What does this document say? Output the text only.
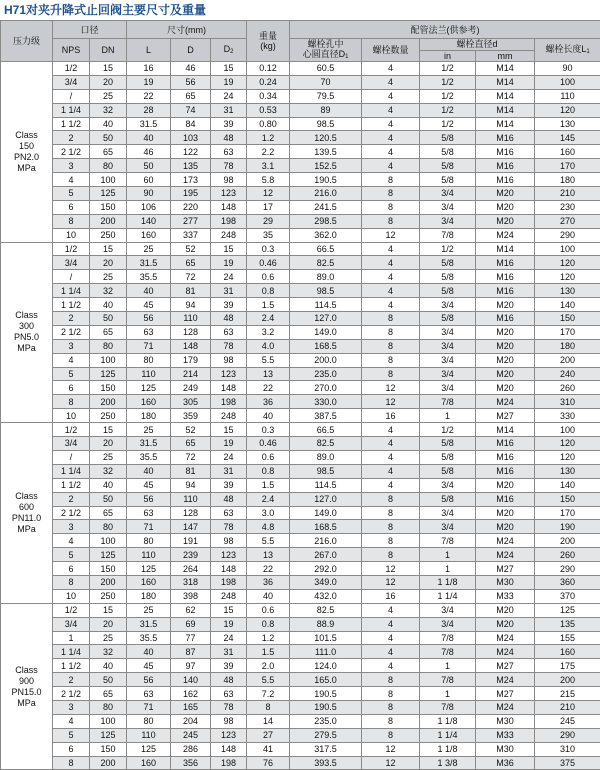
H71对夹升降式止回阀主要尺寸及重量
压力级	口径		尺寸(mm)			重量
(kg)	配管法兰(供参考)				
	NPS	DN	L	D	$D_2$		螺栓孔中
心圆直径$D_1$	螺栓数量	螺栓直径d		螺栓长度$L_1$
									in	mm	

Class
150
PN2.0
MPa	1/2	15	16	46	15	0.12	60.5	4	1/2	M14	90
	3/4	20	19	56	19	0.24	70	4	1/2	M14	100
	/	25	22	65	24	0.34	79.5	4	1/2	M14	110
	1 1/4	32	28	74	31	0.53	89	4	1/2	M14	120
	1 1/2	40	31.5	84	39	0.80	98.5	4	1/2	M14	130
	2	50	40	103	48	1.2	120.5	4	5/8	M16	145
	2 1/2	65	46	122	63	2.2	139.5	4	5/8	M16	160
	3	80	50	135	78	3.1	152.5	4	5/8	M16	170
	4	100	60	173	98	5.8	190.5	8	5/8	M16	180
	5	125	90	195	123	12	216.0	8	3/4	M20	210
	6	150	106	220	148	17	241.5	8	3/4	M20	230
	8	200	140	277	198	29	298.5	8	3/4	M20	270
	10	250	160	337	248	35	362.0	12	7/8	M24	290

Class
300
PN5.0
MPa	1/2	15	25	52	15	0.3	66.5	4	1/2	M14	100
	3/4	20	31.5	65	19	0.46	82.5	4	5/8	M16	120
	/	25	35.5	72	24	0.6	89.0	4	5/8	M16	120
	1 1/4	32	40	81	31	0.8	98.5	4	5/8	M16	130
	1 1/2	40	45	94	39	1.5	114.5	4	3/4	M20	140
	2	50	56	110	48	2.4	127.0	8	5/8	M16	150
	2 1/2	65	63	128	63	3.2	149.0	8	3/4	M20	170
	3	80	71	148	78	4.0	168.5	8	3/4	M20	180
	4	100	80	179	98	5.5	200.0	8	3/4	M20	200
	5	125	110	214	123	13	235.0	8	3/4	M20	240
	6	150	125	249	148	22	270.0	12	3/4	M20	260
	8	200	160	305	198	36	330.0	12	7/8	M24	310
	10	250	180	359	248	40	387.5	16	1	M27	330

Class
600
PN11.0
MPa	1/2	15	25	52	15	0.3	66.5	4	1/2	M14	100
	3/4	20	31.5	65	19	0.46	82.5	4	5/8	M16	120
	/	25	35.5	72	24	0.6	89.0	4	5/8	M16	120
	1 1/4	32	40	81	31	0.8	98.5	4	5/8	M16	130
	1 1/2	40	45	94	39	1.5	114.5	4	3/4	M20	140
	2	50	56	110	48	2.4	127.0	8	5/8	M16	150
	2 1/2	65	63	128	63	3.0	149.0	8	3/4	M20	170
	3	80	71	147	78	4.8	168.5	8	3/4	M20	190
	4	100	80	191	98	5.5	216.0	8	7/8	M24	200
	5	125	110	239	123	13	267.0	8	1	M24	260
	6	150	125	264	148	22	292.0	12	1	M27	290
	8	200	160	318	198	36	349.0	12	1 1/8	M30	360
	10	250	180	398	248	40	432.0	16	1 1/4	M33	370

Class
900
PN15.0
MPa	1/2	15	25	62	15	0.6	82.5	4	3/4	M20	125
	3/4	20	31.5	69	19	0.8	88.9	4	3/4	M20	135
	1	25	35.5	77	24	1.2	101.5	4	7/8	M24	155
	1 1/4	32	40	87	31	1.5	111.0	4	7/8	M24	160
	1 1/2	40	45	97	39	2.0	124.0	4	1	M27	175
	2	50	56	140	48	5.5	165.0	8	7/8	M24	200
	2 1/2	65	63	162	63	7.2	190.5	8	1	M27	215
	3	80	71	165	78	8	190.5	8	7/8	M24	210
	4	100	80	204	98	14	235.0	8	1 1/8	M30	245
	5	125	110	245	123	27	279.5	8	1 1/4	M33	290
	6	150	125	286	148	41	317.5	12	1 1/8	M30	310
	8	200	160	356	198	76	393.5	12	1 3/8	M36	375
